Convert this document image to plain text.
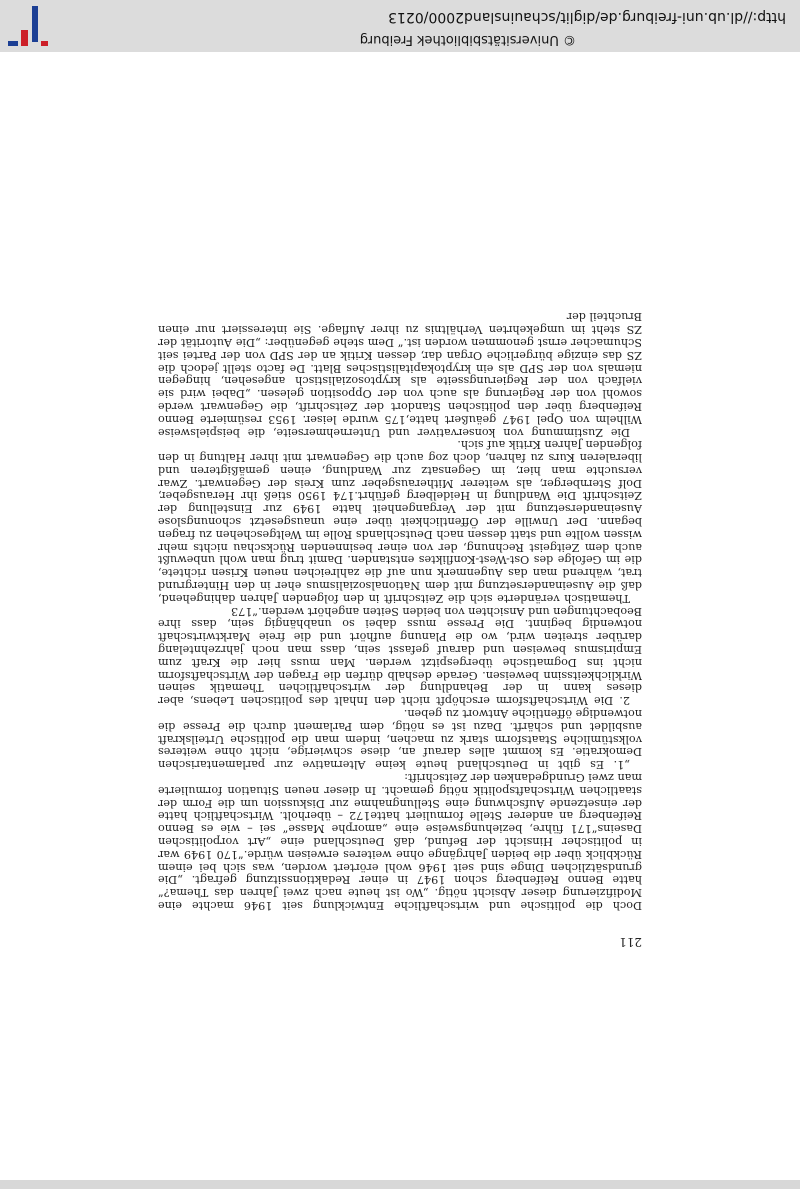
Doch die politische und wirtschaftliche Entwicklung seit 1946 machte eine Modifizierung dieser Absicht nötig. „Wo ist heute nach zwei Jahren das Thema?“ hatte Benno Reifenberg schon 1947 in einer Redaktionssitzung gefragt. „Die grundsätzlichen Dinge sind seit 1946 wohl erörtert worden, was sich bei einem Rückblick über die beiden Jahrgänge ohne weiteres erweisen würde.“170 1949 war in politischer Hinsicht der Befund, daß Deutschland eine „Art vorpolitischen Daseins“171 führe, beziehungsweise eine „amorphe Masse“ sei – wie es Benno Reifenberg an anderer Stelle formuliert hatte172 – überholt. Wirtschaftlich hatte der einsetzende Aufschwung eine Stellungnahme zur Diskussion um die Form der staatlichen Wirtschaftspolitik nötig gemacht. In dieser neuen Situation formulierte man zwei Grundgedanken der Zeitschrift:

„1. Es gibt in Deutschland heute keine Alternative zur parlamentarischen Demokratie. Es kommt alles darauf an, diese schwierige, nicht ohne weiteres volkstümliche Staatsform stark zu machen, indem man die politische Urteilskraft ausbildet und schärft. Dazu ist es nötig, dem Parlament durch die Presse die notwendige öffentliche Antwort zu geben.

2. Die Wirtschaftsform erschöpft nicht den Inhalt des politischen Lebens, aber dieses kann in der Behandlung der wirtschaftlichen Thematik seinen Wirklichkeitssinn beweisen. Gerade deshalb dürfen die Fragen der Wirtschaftsform nicht ins Dogmatische übergespitzt werden. Man muss hier die Kraft zum Empirismus beweisen und darauf gefasst sein, dass man noch jahrzehntelang darüber streiten wird, wo die Planung aufhört und die freie Marktwirtschaft notwendig beginnt. Die Presse muss dabei so unabhängig sein, dass ihre Beobachtungen und Ansichten von beiden Seiten angehört werden.“173

Thematisch veränderte sich die Zeitschrift in den folgenden Jahren dahingehend, daß die Auseinandersetzung mit dem Nationalsozialismus eher in den Hintergrund trat, während man das Augenmerk nun auf die zahlreichen neuen Krisen richtete, die im Gefolge des Ost-West-Konfliktes entstanden. Damit trug man wohl unbewußt auch dem Zeitgeist Rechnung, der von einer besinnenden Rückschau nichts mehr wissen wollte und statt dessen nach Deutschlands Rolle im Weltgeschehen zu fragen begann. Der Unwille der Öffentlichkeit über eine unausgesetzt schonungslose Auseinandersetzung mit der Vergangenheit hatte 1949 zur Einstellung der Zeitschrift Die Wandlung in Heidelberg geführt.174 1950 stieß ihr Herausgeber, Dolf Sternberger, als weiterer Mitherausgeber zum Kreis der Gegenwart. Zwar versuchte man hier, im Gegensatz zur Wandlung, einen gemäßigteren und liberaleren Kurs zu fahren, doch zog auch die Gegenwart mit ihrer Haltung in den folgenden Jahren Kritik auf sich.

Die Zustimmung von konservativer und Unternehmerseite, die beispielsweise Wilhelm von Opel 1947 geäußert hatte,175 wurde leiser. 1953 resümierte Benno Reifenberg über den politischen Standort der Zeitschrift, die Gegenwart werde sowohl von der Regierung als auch von der Opposition gelesen. „Dabei wird sie vielfach von der Regierungsseite als kryptosozialistisch angesehen, hingegen niemals von der SPD als ein kryptokapitalistisches Blatt. De facto stellt jedoch die ZS das einzige bürgerliche Organ dar, dessen Kritik an der SPD von der Partei seit Schumacher ernst genommen worden ist.“ Dem stehe gegenüber: „Die Autorität der ZS steht im umgekehrten Verhältnis zu ihrer Auflage. Sie interessiert nur einen Bruchteil der

211
http://dl.ub.uni-freiburg.de/diglit/schauinsland2000/0213
© Universitätsbibliothek Freiburg
